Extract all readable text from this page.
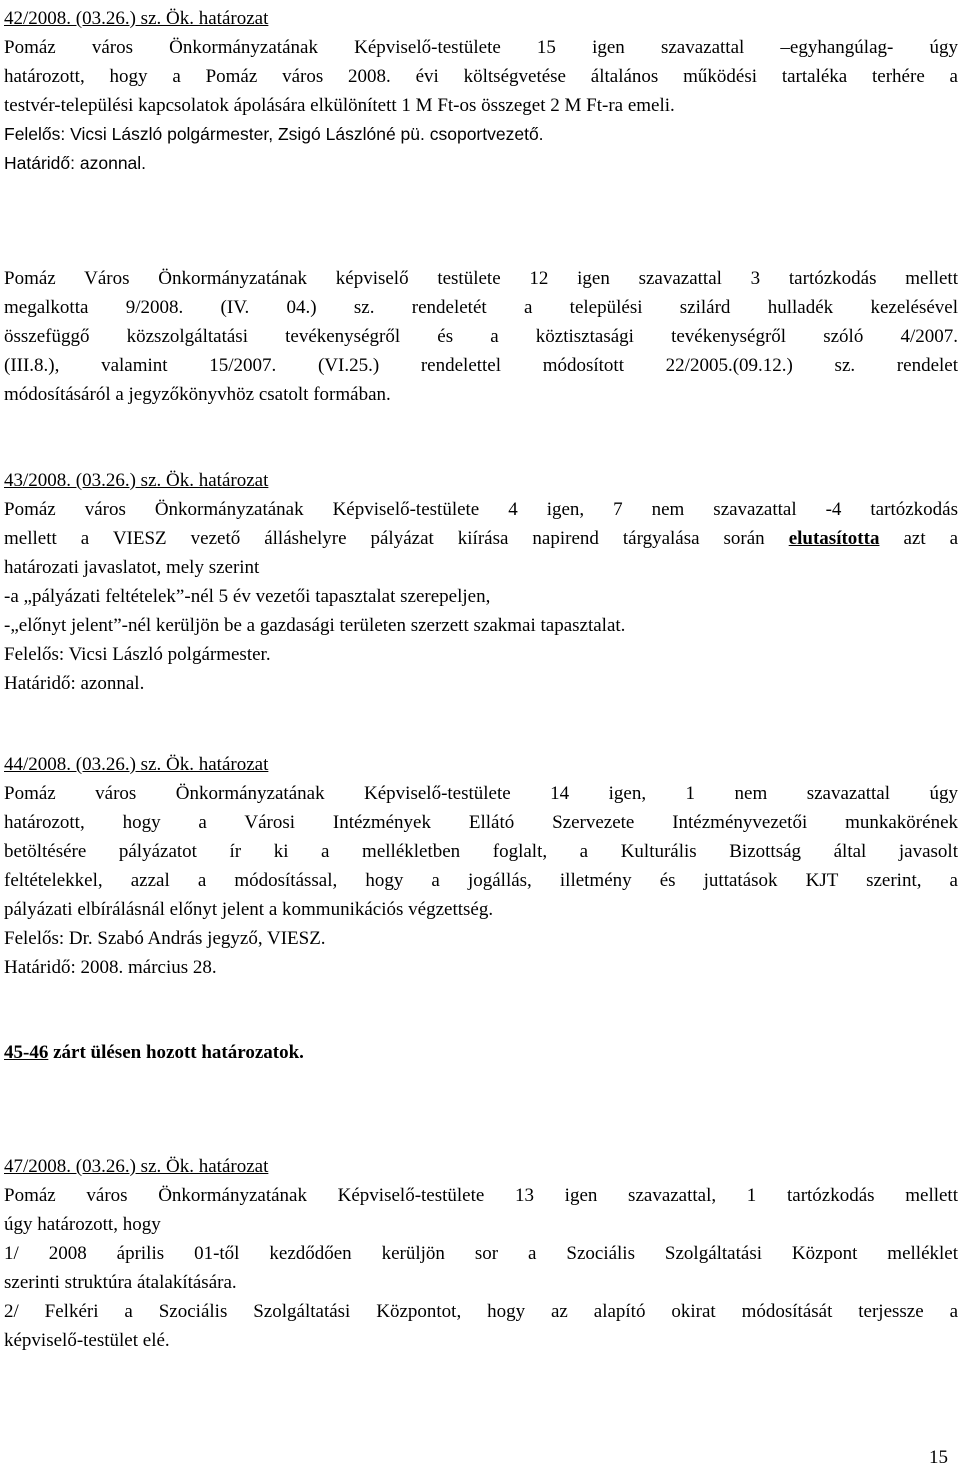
42/2008. (03.26.) sz. Ök. határozat
Pomáz város Önkormányzatának Képviselő-testülete 15 igen szavazattal –egyhangúlag- úgy
határozott, hogy a Pomáz város 2008. évi költségvetése általános működési tartaléka terhére a
testvér-települési kapcsolatok ápolására elkülönített 1 M Ft-os összeget 2 M Ft-ra emeli.
Felelős: Vicsi László polgármester, Zsigó Lászlóné pü. csoportvezető.
Határidő: azonnal.
Pomáz Város Önkormányzatának képviselő testülete 12 igen szavazattal 3 tartózkodás mellett
megalkotta 9/2008. (IV. 04.) sz. rendeletét a települési szilárd hulladék kezelésével
összefüggő közszolgáltatási tevékenységről és a köztisztasági tevékenységről szóló 4/2007.
(III.8.), valamint 15/2007. (VI.25.) rendelettel módosított 22/2005.(09.12.) sz. rendelet
módosításáról a jegyzőkönyvhöz csatolt formában.
43/2008. (03.26.) sz. Ök. határozat
Pomáz város Önkormányzatának Képviselő-testülete 4 igen, 7 nem szavazattal -4 tartózkodás
mellett a VIESZ vezető álláshelyre pályázat kiírása napirend tárgyalása során elutasította azt a
határozati javaslatot, mely szerint
-a „pályázati feltételek”-nél 5 év vezetői tapasztalat szerepeljen,
-„előnyt jelent”-nél kerüljön be a gazdasági területen szerzett szakmai tapasztalat.
Felelős: Vicsi László polgármester.
Határidő: azonnal.
44/2008. (03.26.) sz. Ök. határozat
Pomáz város Önkormányzatának Képviselő-testülete 14 igen, 1 nem szavazattal úgy
határozott, hogy a Városi Intézmények Ellátó Szervezete Intézményvezetői munkakörének
betöltésére pályázatot ír ki a mellékletben foglalt, a Kulturális Bizottság által javasolt
feltételekkel, azzal a módosítással, hogy a jogállás, illetmény és juttatások KJT szerint, a
pályázati elbírálásnál előnyt jelent a kommunikációs végzettség.
Felelős: Dr. Szabó András jegyző, VIESZ.
Határidő: 2008. március 28.
45-46 zárt ülésen hozott határozatok.
47/2008. (03.26.) sz. Ök. határozat
Pomáz város Önkormányzatának Képviselő-testülete 13 igen szavazattal, 1 tartózkodás mellett
úgy határozott, hogy
1/ 2008 április 01-től kezdődően kerüljön sor a Szociális Szolgáltatási Központ melléklet
szerinti struktúra átalakítására.
2/ Felkéri a Szociális Szolgáltatási Központot, hogy az alapító okirat módosítását terjessze a
képviselő-testület elé.
15
